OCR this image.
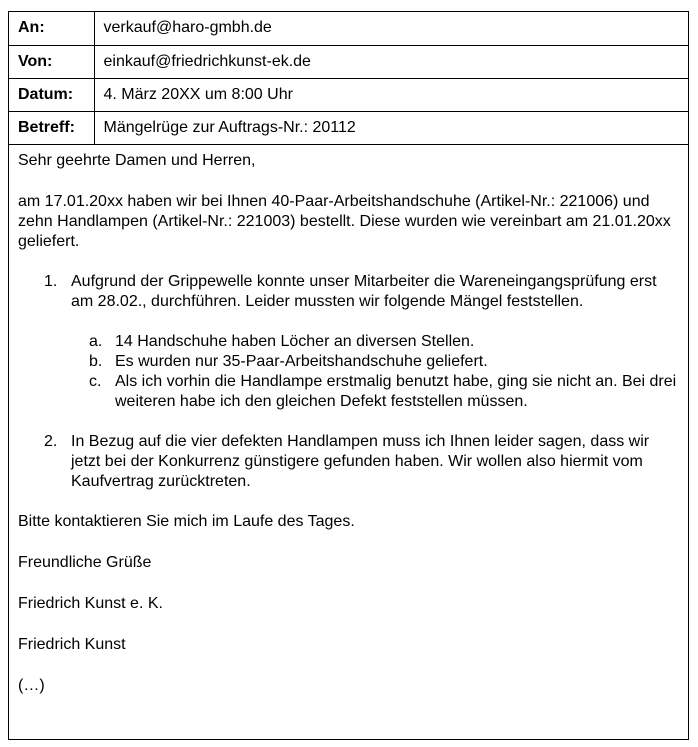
An:	verkauf@haro-gmbh.de
Von:	einkauf@friedrichkunst-ek.de
Datum:	4. März 20XX um 8:00 Uhr
Betreff:	Mängelrüge zur Auftrags-Nr.: 20112

Sehr geehrte Damen und Herren,

am 17.01.20xx haben wir bei Ihnen 40-Paar-Arbeitshandschuhe (Artikel-Nr.: 221006) und zehn Handlampen (Artikel-Nr.: 221003) bestellt. Diese wurden wie vereinbart am 21.01.20xx geliefert.

1. Aufgrund der Grippewelle konnte unser Mitarbeiter die Wareneingangsprüfung erst am 28.02., durchführen. Leider mussten wir folgende Mängel feststellen.
a. 14 Handschuhe haben Löcher an diversen Stellen.
b. Es wurden nur 35-Paar-Arbeitshandschuhe geliefert.
c. Als ich vorhin die Handlampe erstmalig benutzt habe, ging sie nicht an. Bei drei weiteren habe ich den gleichen Defekt feststellen müssen.
2. In Bezug auf die vier defekten Handlampen muss ich Ihnen leider sagen, dass wir jetzt bei der Konkurrenz günstigere gefunden haben. Wir wollen also hiermit vom Kaufvertrag zurücktreten.

Bitte kontaktieren Sie mich im Laufe des Tages.

Freundliche Grüße

Friedrich Kunst e. K.

Friedrich Kunst

(…)
